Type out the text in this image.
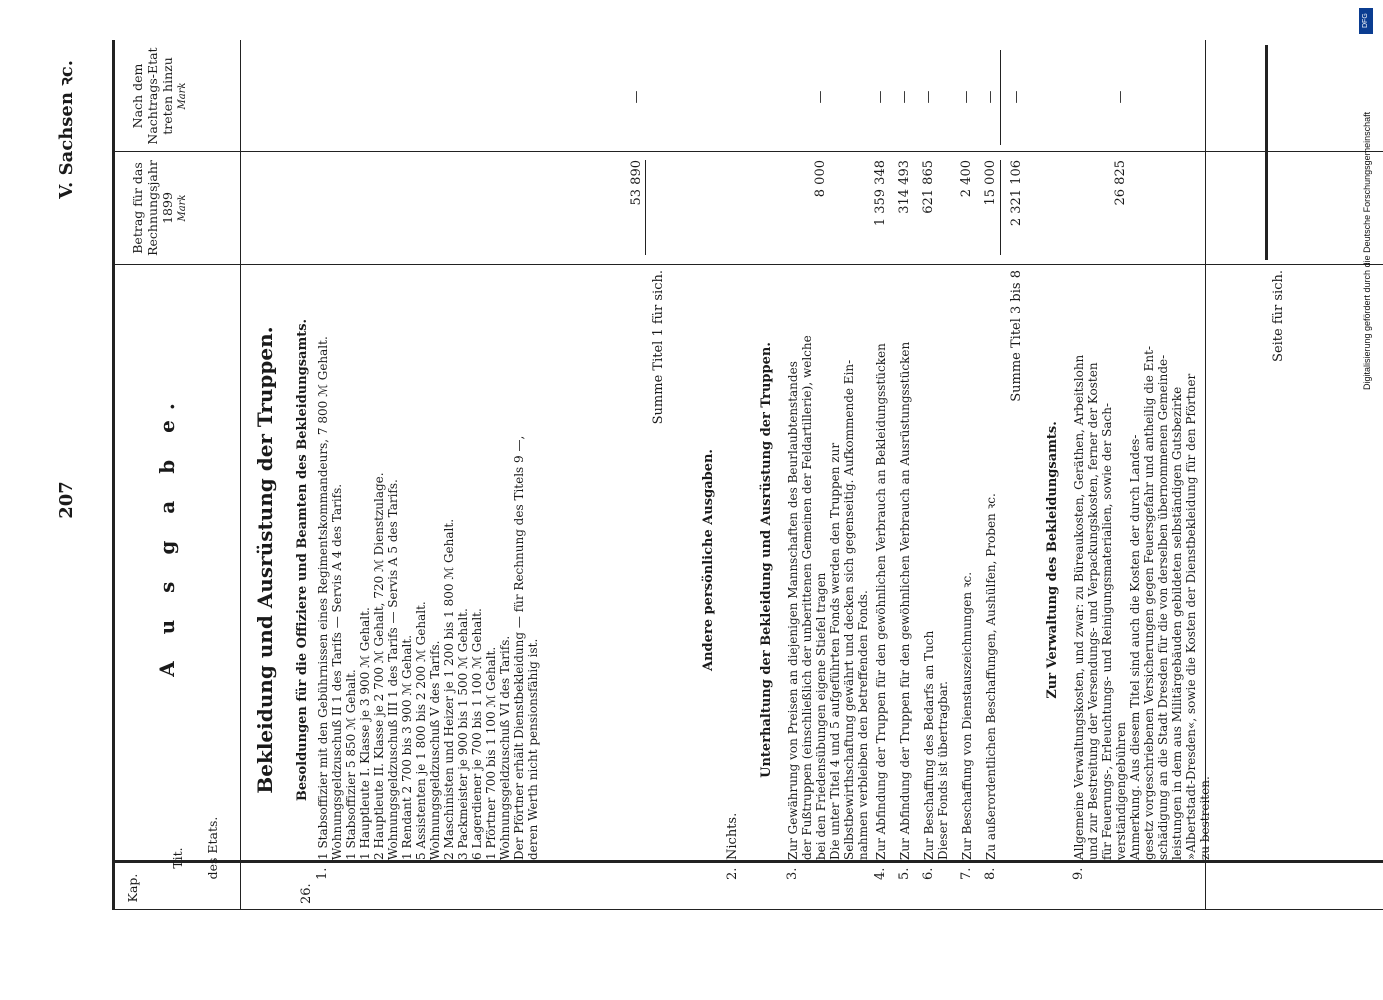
207
V. Sachsen ꝛc.
Kap.
Tit. des Etats.
A u s g a b e.
Betrag für das Rechnungsjahr 1899 Mark
Nach dem Nachtrags-Etat treten hinzu Mark
26.
Bekleidung und Ausrüstung der Truppen. Besoldungen für die Offiziere und Beamten des Bekleidungsamts.
1.
1 Stabsoffizier mit den Gebührnissen eines Regimentskommandeurs, 7 800 ℳ Gehalt. Wohnungsgeldzuschuß II 1 des Tarifs — Servis A 4 des Tarifs. 1 Stabsoffizier 5 850 ℳ Gehalt. 1 Hauptleute I. Klasse je 3 900 ℳ Gehalt. 2 Hauptleute II. Klasse je 2 700 ℳ Gehalt, 720 ℳ Dienstzulage. Wohnungsgeldzuschuß III 1 des Tarifs — Servis A 5 des Tarifs. 1 Rendant 2 700 bis 3 900 ℳ Gehalt. 5 Assistenten je 1 800 bis 2 200 ℳ Gehalt. Wohnungsgeldzuschuß V des Tarifs. 2 Maschinisten und Heizer je 1 200 bis 1 800 ℳ Gehalt. 3 Packmeister je 900 bis 1 500 ℳ Gehalt. 6 Lagerdiener je 700 bis 1 100 ℳ Gehalt. 1 Pförtner 700 bis 1 100 ℳ Gehalt. Wohnungsgeldzuschuß VI des Tarifs. Der Pförtner erhält Dienstbekleidung — für Rechnung des Titels 9 —, deren Werth nicht pensionsfähig ist.
53 890
—
Summe Titel 1 für sich.
Andere persönliche Ausgaben.
2.
Nichts.
Unterhaltung der Bekleidung und Ausrüstung der Truppen.
3.
Zur Gewährung von Preisen an diejenigen Mannschaften des Beurlaubtenstandes der Fußtruppen (einschließlich der unberittenen Gemeinen der Feldartillerie), welche bei den Friedensübungen eigene Stiefel tragen Die unter Titel 4 und 5 aufgeführten Fonds werden den Truppen zur Selbstbewirthschaftung gewährt und decken sich gegenseitig. Aufkommende Ein- nahmen verbleiben den betreffenden Fonds.
8 000
—
4.
Zur Abfindung der Truppen für den gewöhnlichen Verbrauch an Bekleidungsstücken
1 359 348
—
5.
Zur Abfindung der Truppen für den gewöhnlichen Verbrauch an Ausrüstungsstücken
314 493
—
6.
Zur Beschaffung des Bedarfs an Tuch Dieser Fonds ist übertragbar.
621 865
—
7.
Zur Beschaffung von Dienstauszeichnungen ꝛc.
2 400
—
8.
Zu außerordentlichen Beschaffungen, Aushülfen, Proben ꝛc.
15 000
—
Summe Titel 3 bis 8
2 321 106
—
Zur Verwaltung des Bekleidungsamts.
9.
Allgemeine Verwaltungskosten, und zwar: zu Büreaukosten, Geräthen, Arbeitslohn und zur Bestreitung der Versendungs- und Verpackungskosten, ferner der Kosten für Feuerungs-, Erleuchtungs- und Reinigungsmaterialien, sowie der Sach- verständigengebühren Anmerkung. Aus diesem Titel sind auch die Kosten der durch Landes- gesetz vorgeschriebenen Versicherungen gegen Feuersgefahr und antheilig die Ent- schädigung an die Stadt Dresden für die von derselben übernommenen Gemeinde- leistungen in dem aus Militärgebäuden gebildeten selbständigen Gutsbezirke »Albertstadt-Dresden«, sowie die Kosten der Dienstbekleidung für den Pförtner zu bestreiten.
26 825
—
Seite für sich.
DFG
Digitalisierung gefördert durch die Deutsche Forschungsgemeinschaft
